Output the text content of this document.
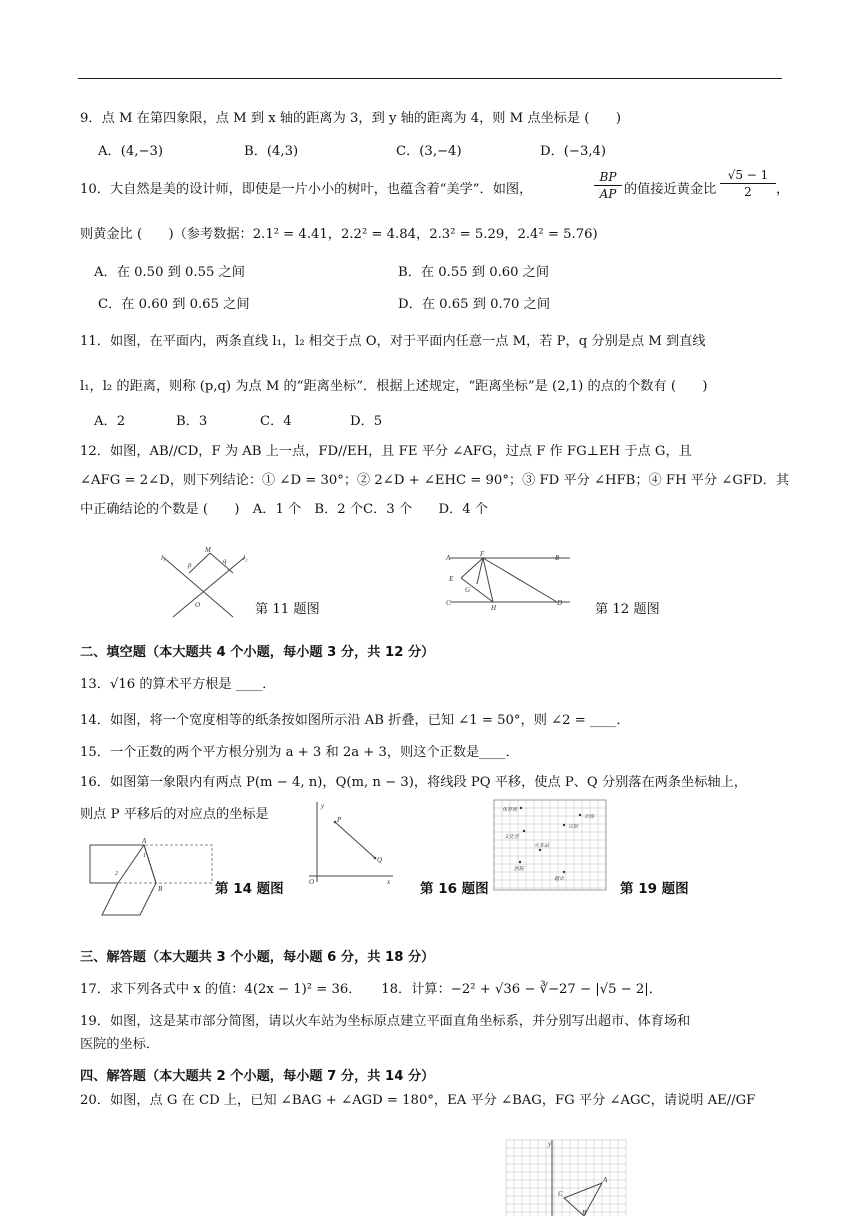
9．点 M 在第四象限，点 M 到 x 轴的距离为 3，到 y 轴的距离为 4，则 M 点坐标是 (　　)
A．(4,−3)	B．(4,3)	C．(3,−4)	D．(−3,4)
10．大自然是美的设计师，即使是一片小小的树叶，也蕴含着“美学”．如图，
BP
AP 的值接近黄金比
√5 − 1
2	，
则黄金比 (　　)（参考数据：2.1² = 4.41，2.2² = 4.84，2.3² = 5.29，2.4² = 5.76)
A．在 0.50 到 0.55 之间	B．在 0.55 到 0.60 之间
C．在 0.60 到 0.65 之间	D．在 0.65 到 0.70 之间
11．如图，在平面内，两条直线 l₁，l₂ 相交于点 O，对于平面内任意一点 M，若 P，q 分别是点 M 到直线
l₁，l₂ 的距离，则称 (p,q) 为点 M 的“距离坐标”．根据上述规定，“距离坐标”是 (2,1) 的点的个数有 (　　)
A．2	B．3	C．4	D．5
12．如图，AB//CD，F 为 AB 上一点，FD//EH，且 FE 平分 ∠AFG，过点 F 作 FG⊥EH 于点 G，且
∠AFG = 2∠D，则下列结论：① ∠D = 30°；② 2∠D + ∠EHC = 90°；③ FD 平分 ∠HFB；④ FH 平分 ∠GFD．其
中正确结论的个数是 (　　)　A．1 个　B．2 个C．3 个　　D．4 个
l₁
M
p	q l₂
O	第 11 题图
A	F	B
E
G
C
H
D 第 12 题图
二、填空题（本大题共 4 个小题，每小题 3 分，共 12 分）
13．√16 的算术平方根是 ____．
14．如图，将一个宽度相等的纸条按如图所示沿 AB 折叠，已知 ∠1 = 50°，则 ∠2 = ____．
15．一个正数的两个平方根分别为 a + 3 和 2a + 3，则这个正数是____．
16．如图第一象限内有两点 P(m − 4, n)，Q(m, n − 3)，将线段 PQ 平移，使点 P、Q 分别落在两条坐标轴上，
则点 P 平移后的对应点的坐标是
A
1
2
B	第 14 题图
y
P
Q
O	x 第 16 题图
体育场
市场
宾馆
文化宫
火车站
医院
超市
第 19 题图
三、解答题（本大题共 3 个小题，每小题 6 分，共 18 分）
17．求下列各式中 x 的值：4(2x − 1)² = 36．　　18．计算：−2² + √36 − ∛−27 − |√5 − 2|．
19．如图，这是某市部分简图，请以火车站为坐标原点建立平面直角坐标系，并分别写出超市、体育场和
医院的坐标．
四、解答题（本大题共 2 个小题，每小题 7 分，共 14 分）
20．如图，点 G 在 CD 上，已知 ∠BAG + ∠AGD = 180°，EA 平分 ∠BAG，FG 平分 ∠AGC，请说明 AE//GF
y
A
C
B
